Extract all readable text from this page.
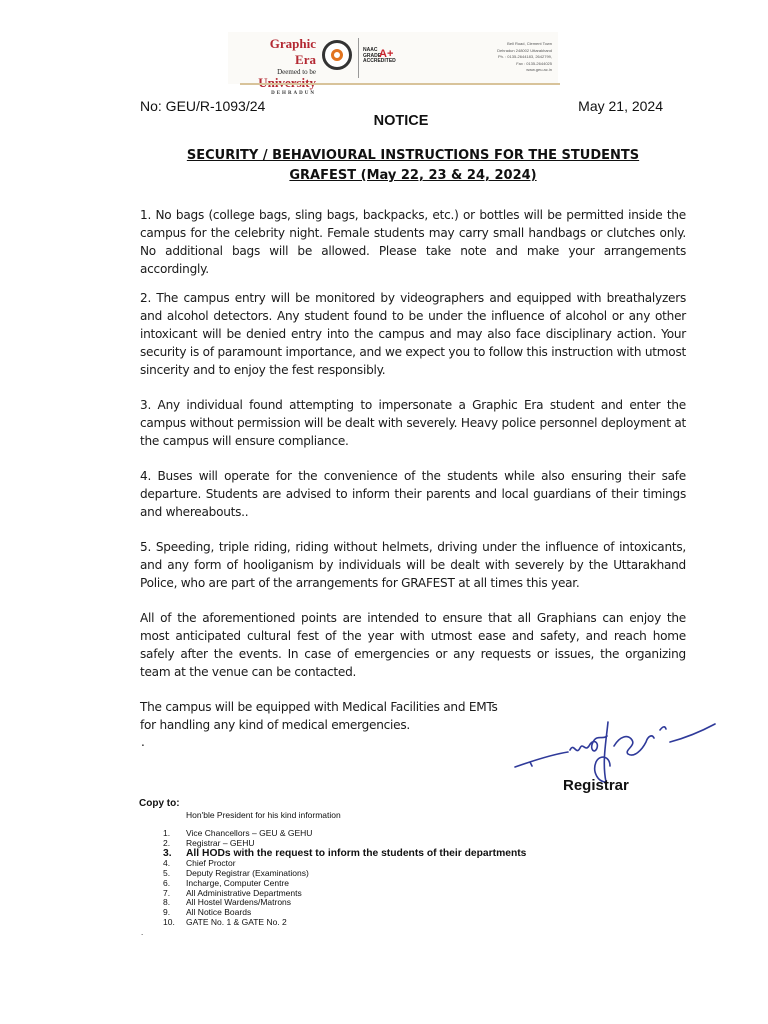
Graphic Era
Deemed to be
DEHRADUN
NAAC
GRADE
ACCREDITED
A+
Bell Road, Clement Town
Dehradun 248002 Uttarakhand
Ph. : 0135-2644183, 2642799,
Fax : 0135-2644025
www.geu.ac.in
No: GEU/R-1093/24	May 21, 2024
NOTICE
SECURITY / BEHAVIOURAL INSTRUCTIONS FOR THE STUDENTS
GRAFEST (May 22, 23 & 24, 2024)
1. No bags (college bags, sling bags, backpacks, etc.) or bottles will be permitted inside the campus for the celebrity night. Female students may carry small handbags or clutches only. No additional bags will be allowed. Please take note and make your arrangements accordingly.
2. The campus entry will be monitored by videographers and equipped with breathalyzers and alcohol detectors. Any student found to be under the influence of alcohol or any other intoxicant will be denied entry into the campus and may also face disciplinary action. Your security is of paramount importance, and we expect you to follow this instruction with utmost sincerity and to enjoy the fest responsibly.
3. Any individual found attempting to impersonate a Graphic Era student and enter the campus without permission will be dealt with severely. Heavy police personnel deployment at the campus will ensure compliance.
4. Buses will operate for the convenience of the students while also ensuring their safe departure. Students are advised to inform their parents and local guardians of their timings and whereabouts..
5. Speeding, triple riding, riding without helmets, driving under the influence of intoxicants, and any form of hooliganism by individuals will be dealt with severely by the Uttarakhand Police, who are part of the arrangements for GRAFEST at all times this year.
All of the aforementioned points are intended to ensure that all Graphians can enjoy the most anticipated cultural fest of the year with utmost ease and safety, and reach home safely after the events. In case of emergencies or any requests or issues, the organizing team at the venue can be contacted.
The campus will be equipped with Medical Facilities and EMTs for handling any kind of medical emergencies.
.
Registrar
Copy to:
Hon'ble President for his kind information
1.	Vice Chancellors – GEU & GEHU
2.	Registrar – GEHU
3.	All HODs with the request to inform the students of their departments
4.	Chief Proctor
5.	Deputy Registrar (Examinations)
6.	Incharge, Computer Centre
7.	All Administrative Departments
8.	All Hostel Wardens/Matrons
9.	All Notice Boards
10.	GATE No. 1 & GATE No. 2
.
